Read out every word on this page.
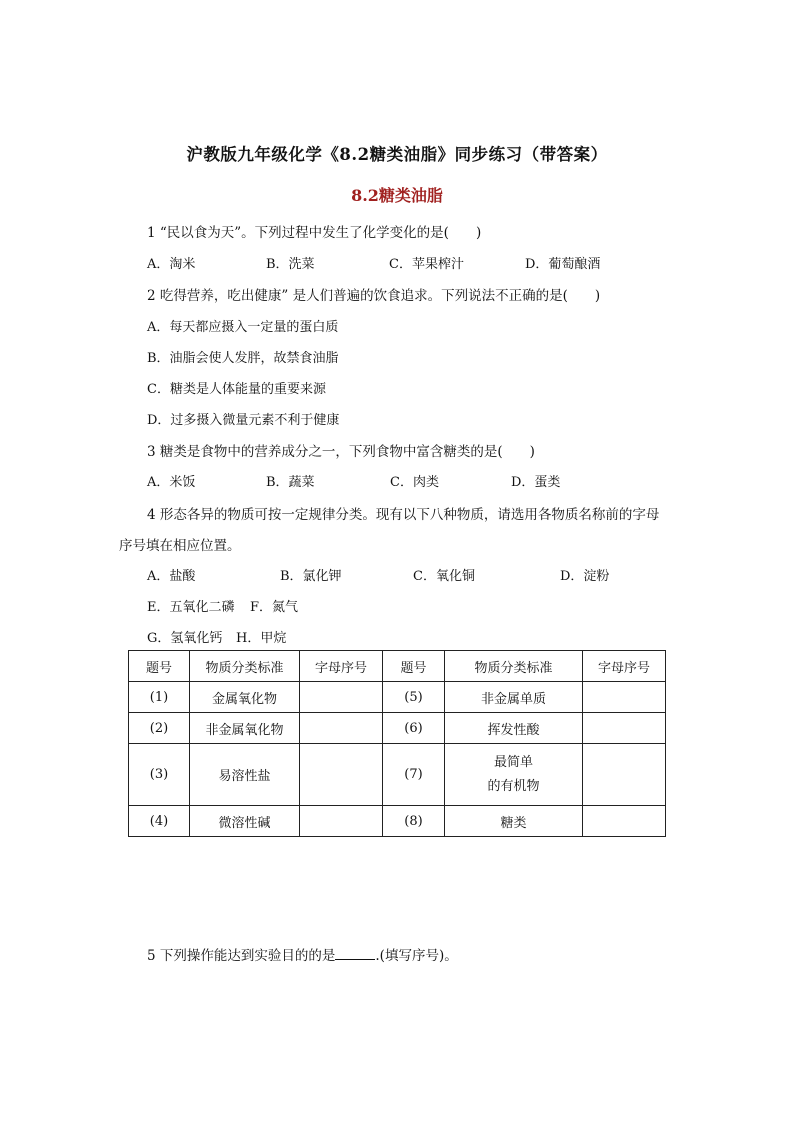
沪教版九年级化学《8.2糖类油脂》同步练习（带答案）
8.2糖类油脂
1 “民以食为天”。下列过程中发生了化学变化的是(　　)
A．淘米	B．洗菜	C．苹果榨汁	D．葡萄酿酒
2 吃得营养，吃出健康” 是人们普遍的饮食追求。下列说法不正确的是(　　)
A．每天都应摄入一定量的蛋白质
B．油脂会使人发胖，故禁食油脂
C．糖类是人体能量的重要来源
D．过多摄入微量元素不利于健康
3 糖类是食物中的营养成分之一，下列食物中富含糖类的是(　　)
A．米饭	B．蔬菜	C．肉类	D．蛋类
4 形态各异的物质可按一定规律分类。现有以下八种物质，请选用各物质名称前的字母
序号填在相应位置。
A．盐酸	B．氯化钾	C．氧化铜	D．淀粉
E．五氧化二磷 F．氮气
G．氢氧化钙 H．甲烷
题号	物质分类标准	字母序号	题号	物质分类标准	字母序号
(1)	金属氧化物		(5)	非金属单质	
(2)	非金属氧化物		(6)	挥发性酸	
(3)	易溶性盐		(7)	最简单
的有机物	

(4)	微溶性碱		(8)	糖类	
5 下列操作能达到实验目的的是	.(填写序号)。
